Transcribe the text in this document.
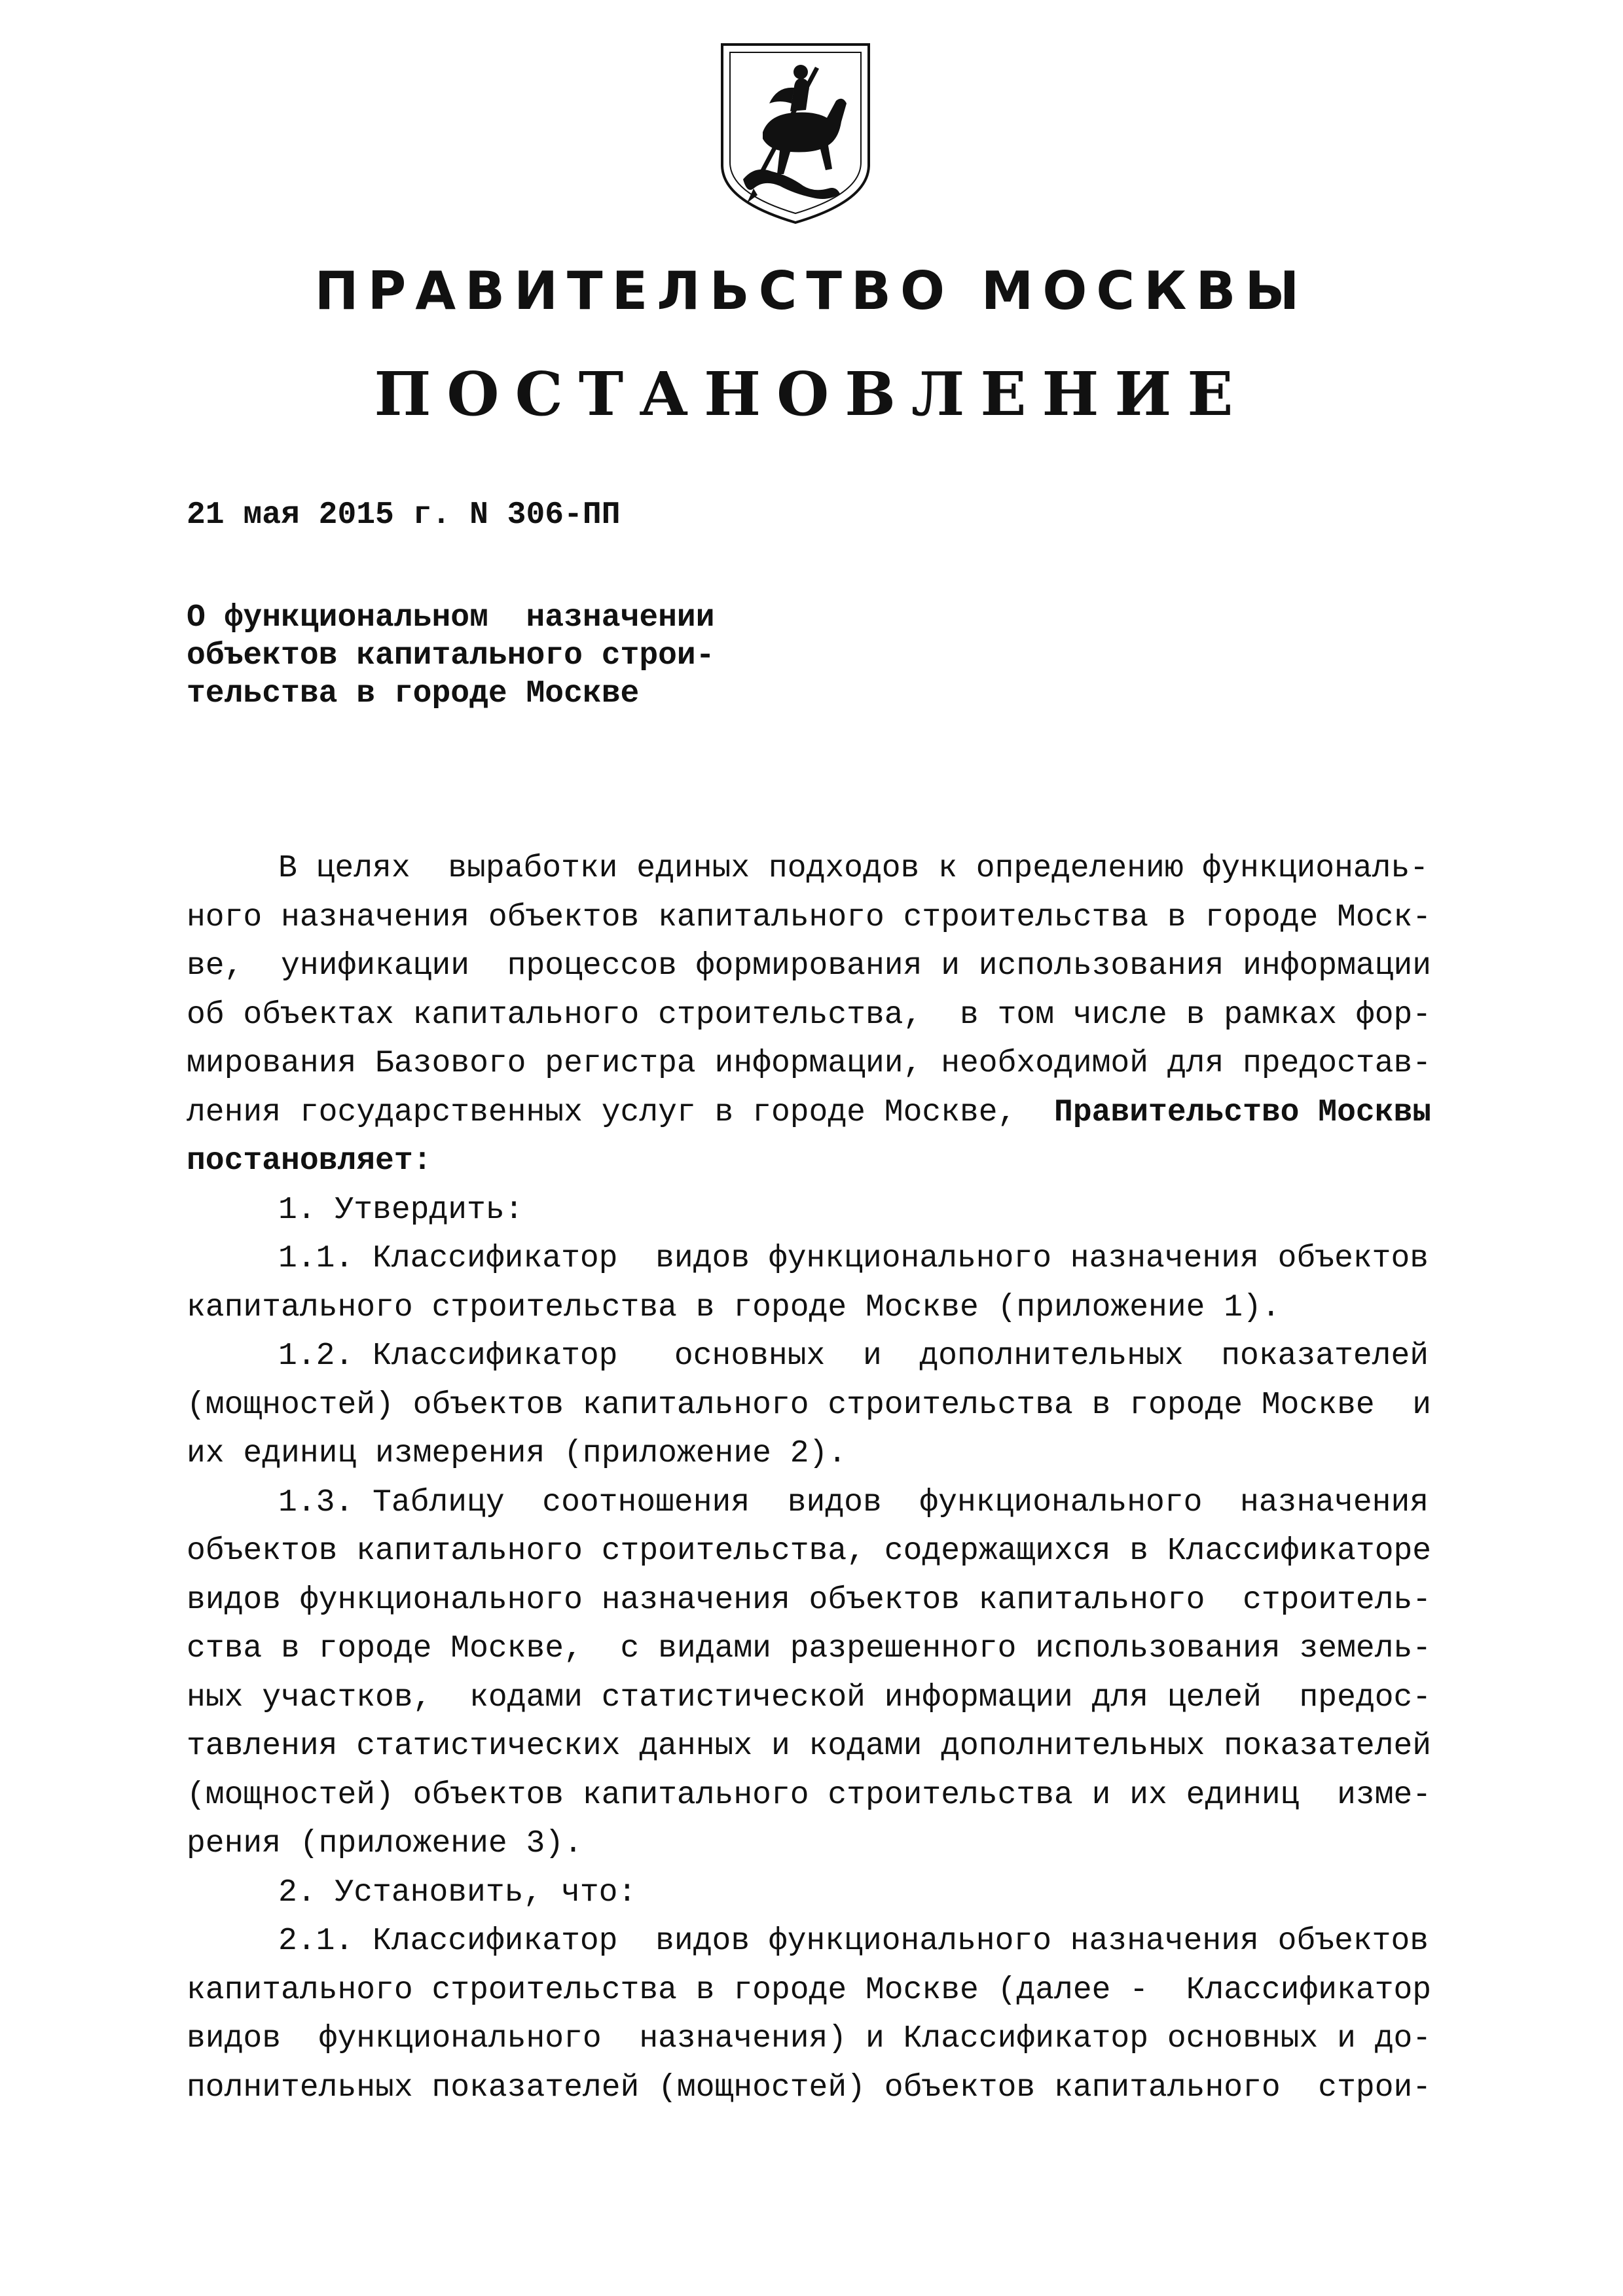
ПРАВИТЕЛЬСТВО МОСКВЫ
ПОСТАНОВЛЕНИЕ
21 мая 2015 г. N 306-ПП
О функциональном  назначении
объектов капитального строи-
тельства в городе Москве
В целях  выработки единых подходов к определению функциональ-
ного назначения объектов капитального строительства в городе Моск-
ве,  унификации  процессов формирования и использования информации
об объектах капитального строительства,  в том числе в рамках фор-
мирования Базового регистра информации, необходимой для предостав-
ления государственных услуг в городе Москве,  Правительство Москвы
постановляет:
1. Утвердить:
1.1. Классификатор  видов функционального назначения объектов
капитального строительства в городе Москве (приложение 1).
1.2. Классификатор   основных  и  дополнительных  показателей
(мощностей) объектов капитального строительства в городе Москве  и
их единиц измерения (приложение 2).
1.3. Таблицу  соотношения  видов  функционального  назначения
объектов капитального строительства, содержащихся в Классификаторе
видов функционального назначения объектов капитального  строитель-
ства в городе Москве,  с видами разрешенного использования земель-
ных участков,  кодами статистической информации для целей  предос-
тавления статистических данных и кодами дополнительных показателей
(мощностей) объектов капитального строительства и их единиц  изме-
рения (приложение 3).
2. Установить, что:
2.1. Классификатор  видов функционального назначения объектов
капитального строительства в городе Москве (далее -  Классификатор
видов  функционального  назначения) и Классификатор основных и до-
полнительных показателей (мощностей) объектов капитального  строи-
